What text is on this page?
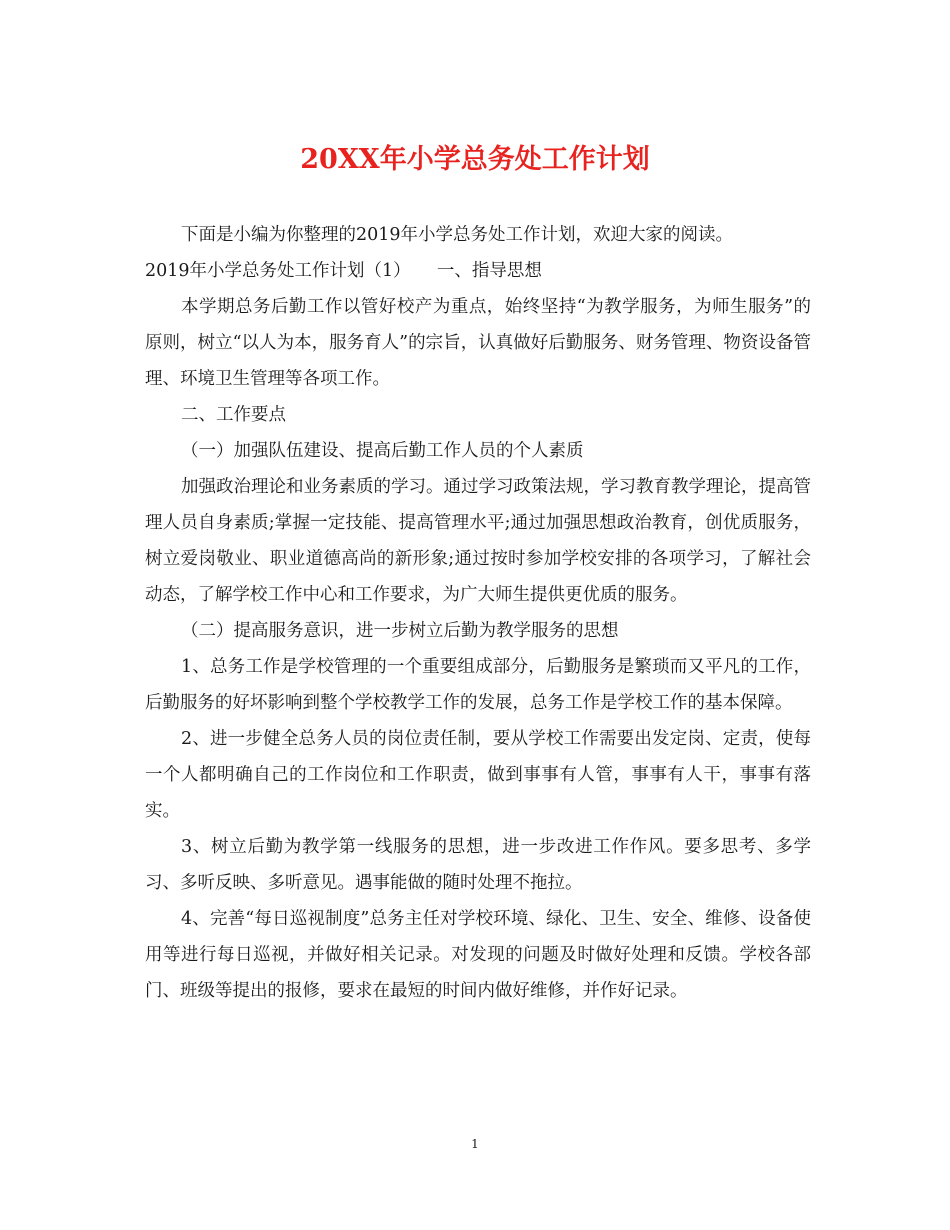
20XX年小学总务处工作计划

下面是小编为你整理的2019年小学总务处工作计划，欢迎大家的阅读。

2019年小学总务处工作计划（1）　　一、指导思想

本学期总务后勤工作以管好校产为重点，始终坚持“为教学服务，为师生服务”的原则，树立“以人为本，服务育人”的宗旨，认真做好后勤服务、财务管理、物资设备管理、环境卫生管理等各项工作。

二、工作要点

（一）加强队伍建设、提高后勤工作人员的个人素质

加强政治理论和业务素质的学习。通过学习政策法规，学习教育教学理论，提高管理人员自身素质;掌握一定技能、提高管理水平;通过加强思想政治教育，创优质服务，树立爱岗敬业、职业道德高尚的新形象;通过按时参加学校安排的各项学习，了解社会动态，了解学校工作中心和工作要求，为广大师生提供更优质的服务。

（二）提高服务意识，进一步树立后勤为教学服务的思想

1、总务工作是学校管理的一个重要组成部分，后勤服务是繁琐而又平凡的工作，后勤服务的好坏影响到整个学校教学工作的发展，总务工作是学校工作的基本保障。

2、进一步健全总务人员的岗位责任制，要从学校工作需要出发定岗、定责，使每一个人都明确自己的工作岗位和工作职责，做到事事有人管，事事有人干，事事有落实。

3、树立后勤为教学第一线服务的思想，进一步改进工作作风。要多思考、多学习、多听反映、多听意见。遇事能做的随时处理不拖拉。

4、完善“每日巡视制度”总务主任对学校环境、绿化、卫生、安全、维修、设备使用等进行每日巡视，并做好相关记录。对发现的问题及时做好处理和反馈。学校各部门、班级等提出的报修，要求在最短的时间内做好维修，并作好记录。

1
